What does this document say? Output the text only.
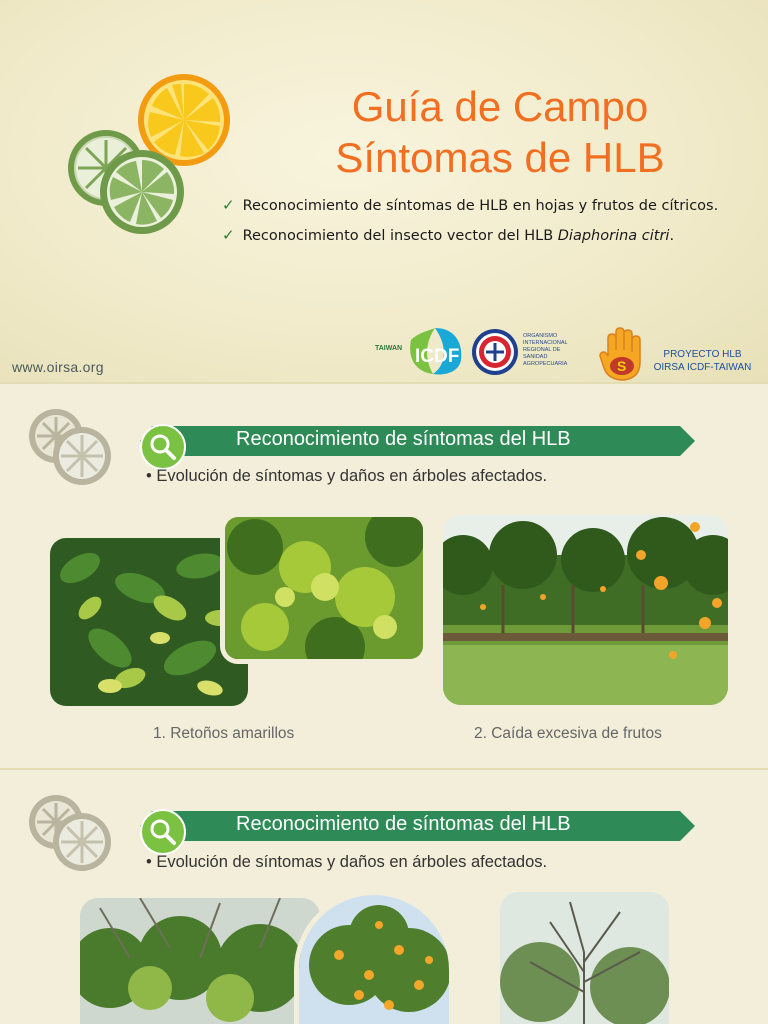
Guía de Campo
Síntomas de HLB
✓ Reconocimiento de síntomas de HLB en hojas y frutos de cítricos.
✓ Reconocimiento del insecto vector del HLB Diaphorina citri.
www.oirsa.org
TAIWAN ICDF
ORGANISMO
INTERNACIONAL
REGIONAL DE
SANIDAD
AGROPECUARIA	S
PROYECTO HLB
OIRSA ICDF-TAIWAN
Reconocimiento de síntomas del HLB
• Evolución de síntomas y daños en árboles afectados.
1. Retoños amarillos	2. Caída excesiva de frutos
Reconocimiento de síntomas del HLB
• Evolución de síntomas y daños en árboles afectados.
